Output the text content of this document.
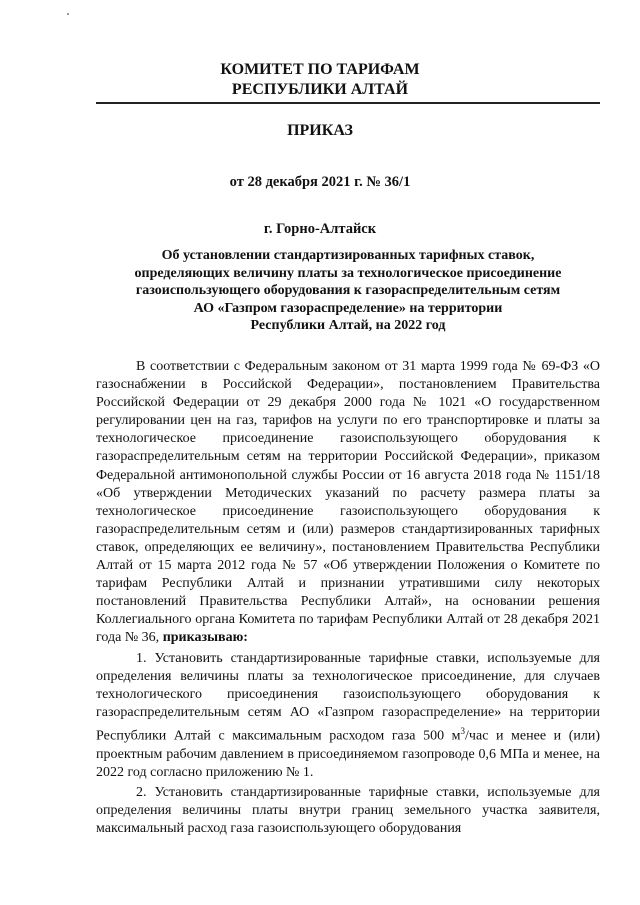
КОМИТЕТ ПО ТАРИФАМ
РЕСПУБЛИКИ АЛТАЙ
ПРИКАЗ
от 28 декабря 2021 г. № 36/1
г. Горно-Алтайск
Об установлении стандартизированных тарифных ставок,
определяющих величину платы за технологическое присоединение
газоиспользующего оборудования к газораспределительным сетям
АО «Газпром газораспределение» на территории
Республики Алтай, на 2022 год

В соответствии с Федеральным законом от 31 марта 1999 года № 69-ФЗ «О газоснабжении в Российской Федерации», постановлением Правительства Российской Федерации от 29 декабря 2000 года № 1021 «О государственном регулировании цен на газ, тарифов на услуги по его транспортировке и платы за технологическое присоединение газоиспользующего оборудования к газораспределительным сетям на территории Российской Федерации», приказом Федеральной антимонопольной службы России от 16 августа 2018 года № 1151/18 «Об утверждении Методических указаний по расчету размера платы за технологическое присоединение газоиспользующего оборудования к газораспределительным сетям и (или) размеров стандартизированных тарифных ставок, определяющих ее величину», постановлением Правительства Республики Алтай от 15 марта 2012 года № 57 «Об утверждении Положения о Комитете по тарифам Республики Алтай и признании утратившими силу некоторых постановлений Правительства Республики Алтай», на основании решения Коллегиального органа Комитета по тарифам Республики Алтай от 28 декабря 2021 года № 36, приказываю:

1. Установить стандартизированные тарифные ставки, используемые для определения величины платы за технологическое присоединение, для случаев технологического присоединения газоиспользующего оборудования к газораспределительным сетям АО «Газпром газораспределение» на территории Республики Алтай с максимальным расходом газа 500 $м^3$/час и менее и (или) проектным рабочим давлением в присоединяемом газопроводе 0,6 МПа и менее, на 2022 год согласно приложению № 1.

2. Установить стандартизированные тарифные ставки, используемые для определения величины платы внутри границ земельного участка заявителя, максимальный расход газа газоиспользующего оборудования
